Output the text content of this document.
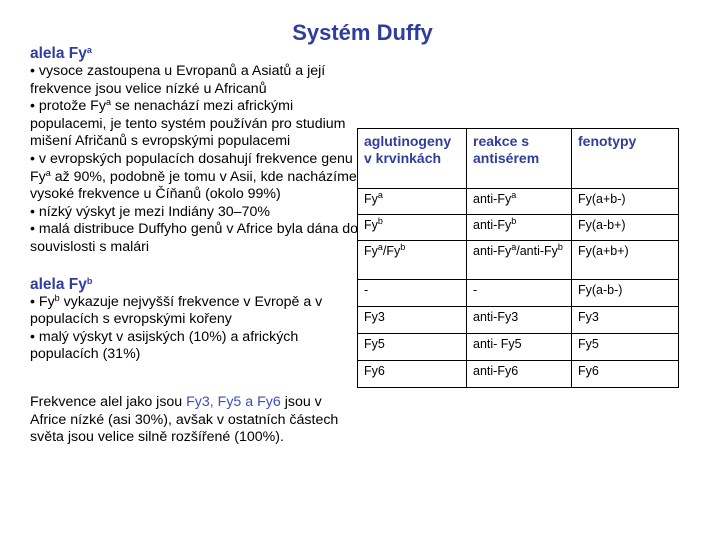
Systém Duffy
alela Fy$^a$
• vysoce zastoupena u Evropanů a Asiatů a její frekvence jsou velice nízké u Africanů
• protože Fy$^a$ se nenachází mezi africkými populacemi, je tento systém používán pro studium mišení Afričanů s evropskými populacemi
• v evropských populacích dosahují frekvence genu Fy$^a$ až 90%, podobně je tomu v Asii, kde nacházíme vysoké frekvence u Číňanů (okolo 99%)
• nízký výskyt je mezi Indiány 30–70%
• malá distribuce Duffyho genů v Africe byla dána do souvislosti s malári
alela Fy$^b$
• Fy$^b$ vykazuje nejvyšší frekvence v Evropě a v populacích s evropskými kořeny
• malý výskyt v asijských (10%) a afrických populacích (31%)
Frekvence alel jako jsou Fy3, Fy5 a Fy6 jsou v Africe nízké (asi 30%), avšak v ostatních částech světa jsou velice silně rozšířené (100%).
aglutinogeny v krvinkách	reakce s antisérem	fenotypy
Fy$^a$	anti-Fy$^a$	Fy(a+b-)
Fy$^b$	anti-Fy$^b$	Fy(a-b+)
Fy$^a$/Fy$^b$	anti-Fy$^a$/anti-Fy$^b$	Fy(a+b+)
-	-	Fy(a-b-)
Fy3	anti-Fy3	Fy3
Fy5	anti- Fy5	Fy5
Fy6	anti-Fy6	Fy6
